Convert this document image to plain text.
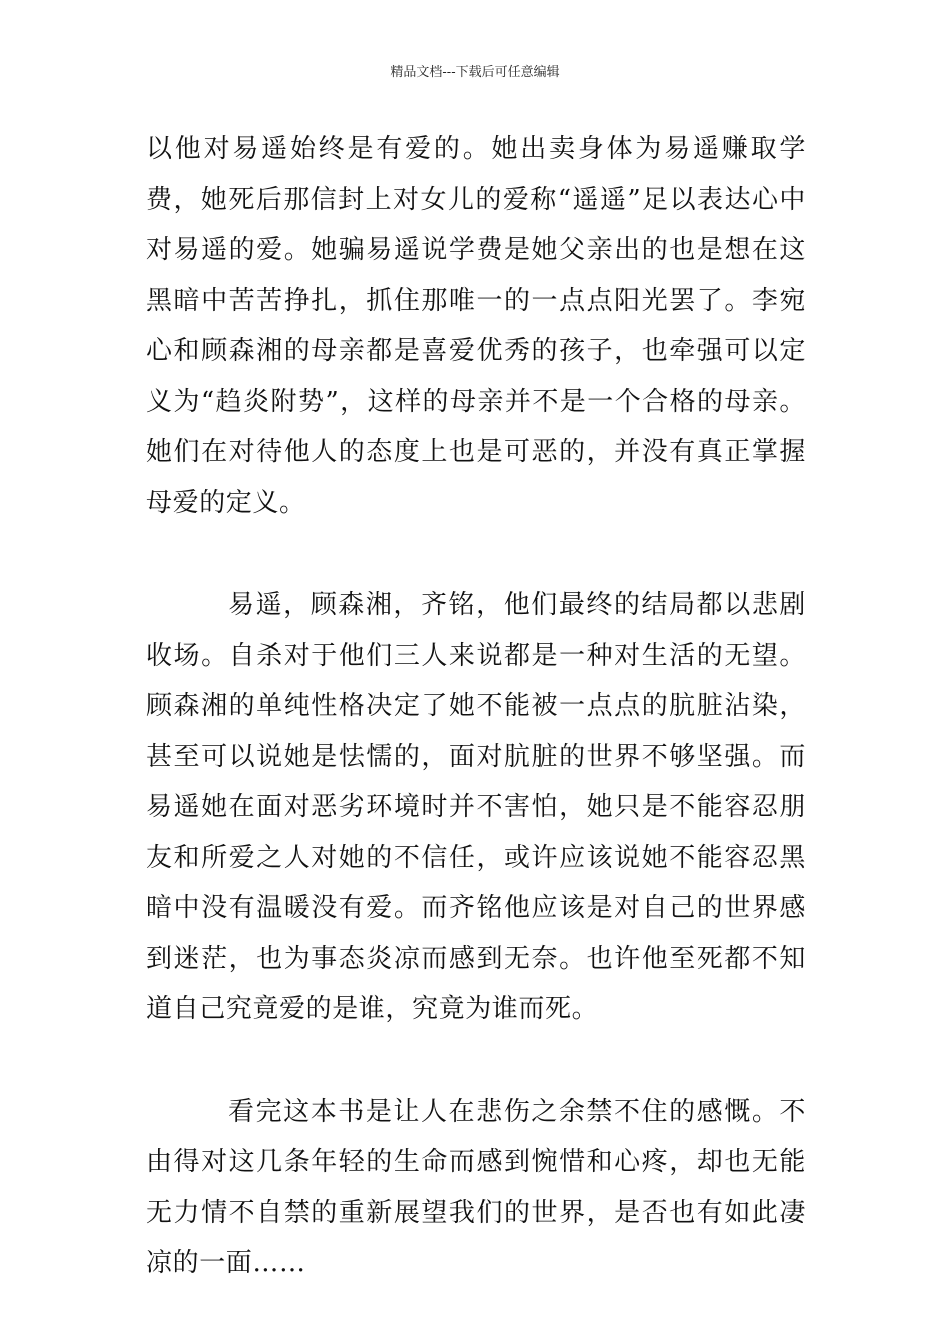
精品文档---下载后可任意编辑

以他对易遥始终是有爱的。她出卖身体为易遥赚取学费，她死后那信封上对女儿的爱称“遥遥”足以表达心中对易遥的爱。她骗易遥说学费是她父亲出的也是想在这黑暗中苦苦挣扎，抓住那唯一的一点点阳光罢了。李宛心和顾森湘的母亲都是喜爱优秀的孩子，也牵强可以定义为“趋炎附势”，这样的母亲并不是一个合格的母亲。她们在对待他人的态度上也是可恶的，并没有真正掌握母爱的定义。

易遥，顾森湘，齐铭，他们最终的结局都以悲剧收场。自杀对于他们三人来说都是一种对生活的无望。顾森湘的单纯性格决定了她不能被一点点的肮脏沾染，甚至可以说她是怯懦的，面对肮脏的世界不够坚强。而易遥她在面对恶劣环境时并不害怕，她只是不能容忍朋友和所爱之人对她的不信任，或许应该说她不能容忍黑暗中没有温暖没有爱。而齐铭他应该是对自己的世界感到迷茫，也为事态炎凉而感到无奈。也许他至死都不知道自己究竟爱的是谁，究竟为谁而死。

看完这本书是让人在悲伤之余禁不住的感慨。不由得对这几条年轻的生命而感到惋惜和心疼，却也无能无力情不自禁的重新展望我们的世界，是否也有如此凄凉的一面……
